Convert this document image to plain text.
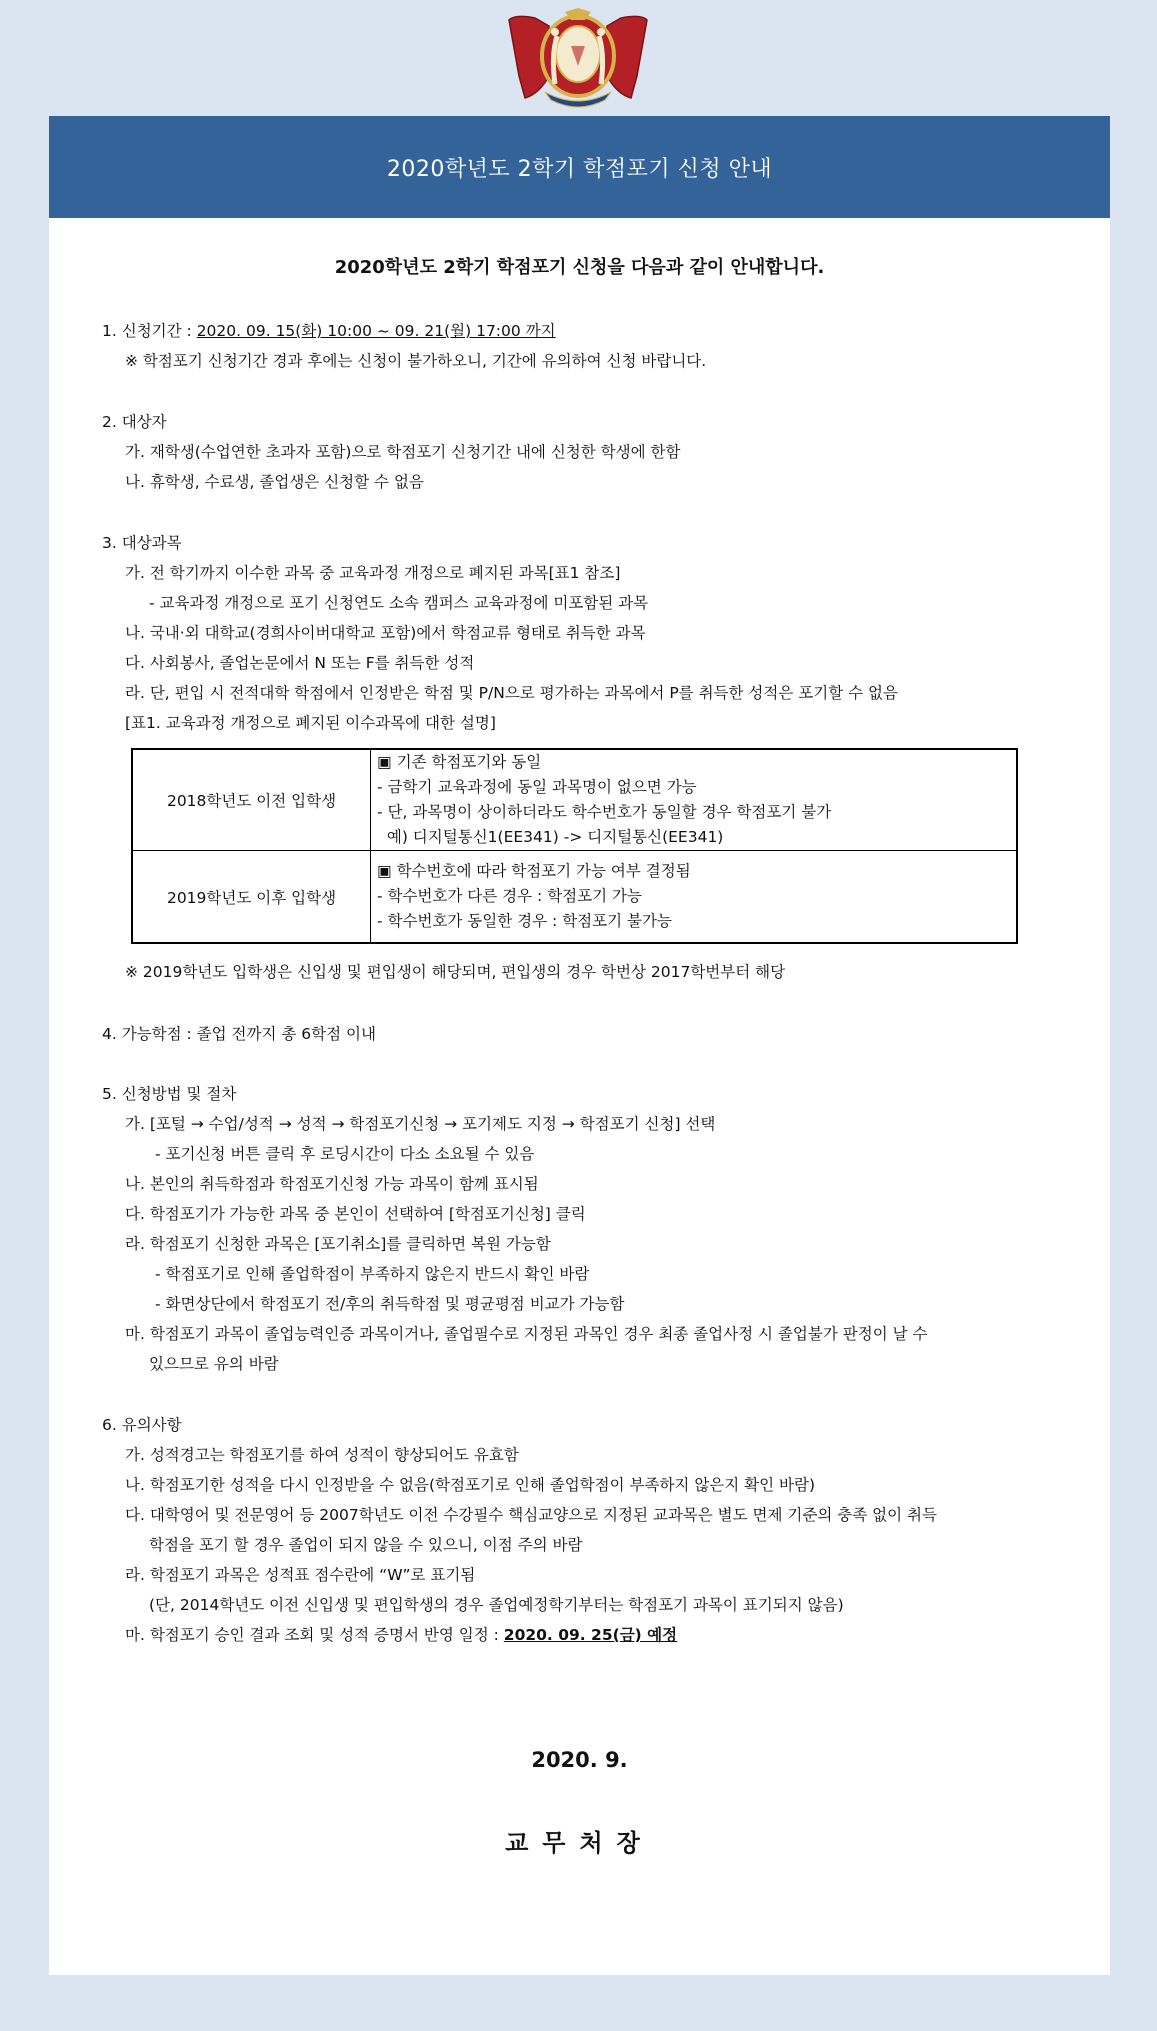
2020학년도 2학기 학점포기 신청 안내
2020학년도 2학기 학점포기 신청을 다음과 같이 안내합니다.
1. 신청기간 : 2020. 09. 15(화) 10:00 ~ 09. 21(월) 17:00 까지
※ 학점포기 신청기간 경과 후에는 신청이 불가하오니, 기간에 유의하여 신청 바랍니다.
2. 대상자
가. 재학생(수업연한 초과자 포함)으로 학점포기 신청기간 내에 신청한 학생에 한함
나. 휴학생, 수료생, 졸업생은 신청할 수 없음
3. 대상과목
가. 전 학기까지 이수한 과목 중 교육과정 개정으로 폐지된 과목[표1 참조]
- 교육과정 개정으로 포기 신청연도 소속 캠퍼스 교육과정에 미포함된 과목
나. 국내·외 대학교(경희사이버대학교 포함)에서 학점교류 형태로 취득한 과목
다. 사회봉사, 졸업논문에서 N 또는 F를 취득한 성적
라. 단, 편입 시 전적대학 학점에서 인정받은 학점 및 P/N으로 평가하는 과목에서 P를 취득한 성적은 포기할 수 없음
[표1. 교육과정 개정으로 폐지된 이수과목에 대한 설명]
2018학년도 이전 입학생	▣ 기존 학점포기와 동일
- 금학기 교육과정에 동일 과목명이 없으면 가능
- 단, 과목명이 상이하더라도 학수번호가 동일할 경우 학점포기 불가
예) 디지털통신1(EE341) -> 디지털통신(EE341)

2019학년도 이후 입학생	▣ 학수번호에 따라 학점포기 가능 여부 결정됨
- 학수번호가 다른 경우 : 학점포기 가능
- 학수번호가 동일한 경우 : 학점포기 불가능
※ 2019학년도 입학생은 신입생 및 편입생이 해당되며, 편입생의 경우 학번상 2017학번부터 해당
4. 가능학점 : 졸업 전까지 총 6학점 이내
5. 신청방법 및 절차
가. [포털 → 수업/성적 → 성적 → 학점포기신청 → 포기제도 지정 → 학점포기 신청] 선택
- 포기신청 버튼 클릭 후 로딩시간이 다소 소요될 수 있음
나. 본인의 취득학점과 학점포기신청 가능 과목이 함께 표시됨
다. 학점포기가 가능한 과목 중 본인이 선택하여 [학점포기신청] 클릭
라. 학점포기 신청한 과목은 [포기취소]를 클릭하면 복원 가능함
- 학점포기로 인해 졸업학점이 부족하지 않은지 반드시 확인 바람
- 화면상단에서 학점포기 전/후의 취득학점 및 평균평점 비교가 가능함
마. 학점포기 과목이 졸업능력인증 과목이거나, 졸업필수로 지정된 과목인 경우 최종 졸업사정 시 졸업불가 판정이 날 수
있으므로 유의 바람
6. 유의사항
가. 성적경고는 학점포기를 하여 성적이 향상되어도 유효함
나. 학점포기한 성적을 다시 인정받을 수 없음(학점포기로 인해 졸업학점이 부족하지 않은지 확인 바람)
다. 대학영어 및 전문영어 등 2007학년도 이전 수강필수 핵심교양으로 지정된 교과목은 별도 면제 기준의 충족 없이 취득
학점을 포기 할 경우 졸업이 되지 않을 수 있으니, 이점 주의 바람
라. 학점포기 과목은 성적표 점수란에 “W”로 표기됨
(단, 2014학년도 이전 신입생 및 편입학생의 경우 졸업예정학기부터는 학점포기 과목이 표기되지 않음)
마. 학점포기 승인 결과 조회 및 성적 증명서 반영 일정 : 2020. 09. 25(금) 예정
2020. 9.
교무처장
